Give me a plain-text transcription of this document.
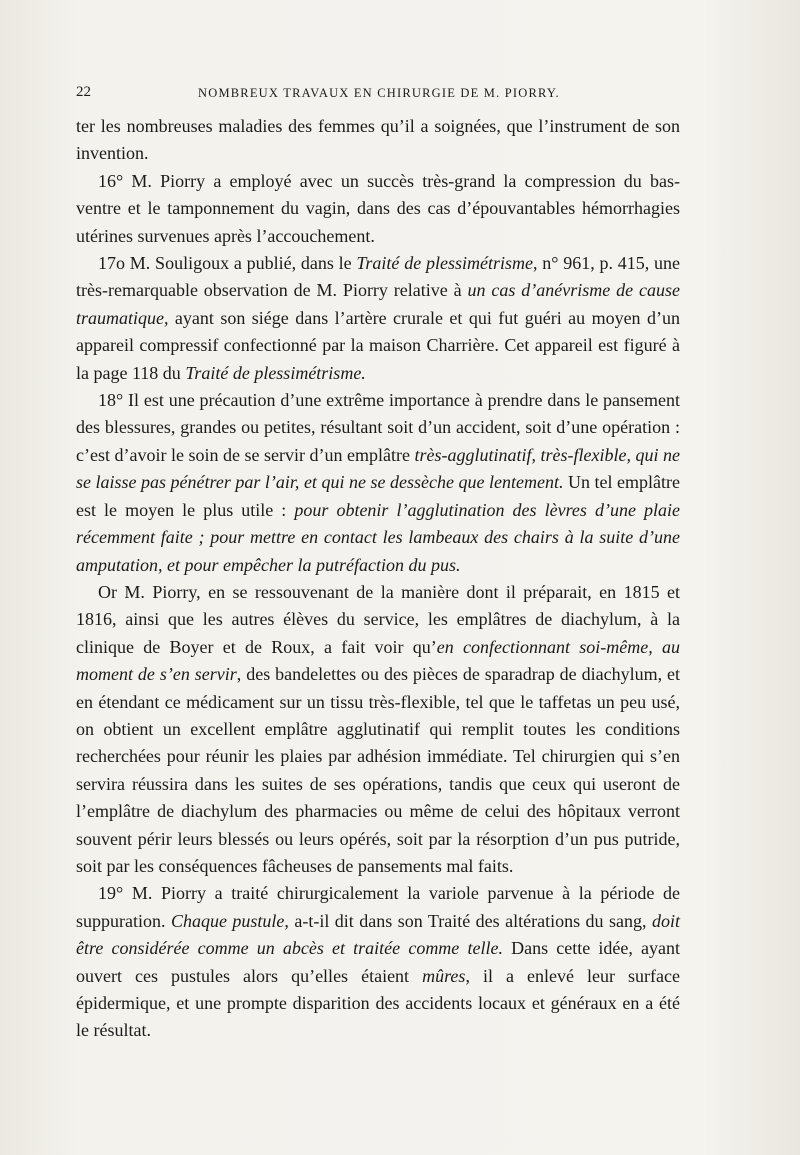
22	NOMBREUX TRAVAUX EN CHIRURGIE DE M. PIORRY.

ter les nombreuses maladies des femmes qu’il a soignées, que l’instrument de son invention.

16° M. Piorry a employé avec un succès très-grand la compression du bas-ventre et le tamponnement du vagin, dans des cas d’épouvantables hémorrhagies utérines survenues après l’accouchement.

17o M. Souligoux a publié, dans le Traité de plessimétrisme, n° 961, p. 415, une très-remarquable observation de M. Piorry relative à un cas d’anévrisme de cause traumatique, ayant son siége dans l’artère crurale et qui fut guéri au moyen d’un appareil compressif confectionné par la maison Charrière. Cet appareil est figuré à la page 118 du Traité de plessimétrisme.

18° Il est une précaution d’une extrême importance à prendre dans le pansement des blessures, grandes ou petites, résultant soit d’un accident, soit d’une opération : c’est d’avoir le soin de se servir d’un emplâtre très-agglutinatif, très-flexible, qui ne se laisse pas pénétrer par l’air, et qui ne se dessèche que lentement. Un tel emplâtre est le moyen le plus utile : pour obtenir l’agglutination des lèvres d’une plaie récemment faite ; pour mettre en contact les lambeaux des chairs à la suite d’une amputation, et pour empêcher la putréfaction du pus.

Or M. Piorry, en se ressouvenant de la manière dont il préparait, en 1815 et 1816, ainsi que les autres élèves du service, les emplâtres de diachylum, à la clinique de Boyer et de Roux, a fait voir qu’en confectionnant soi-même, au moment de s’en servir, des bandelettes ou des pièces de sparadrap de diachylum, et en étendant ce médicament sur un tissu très-flexible, tel que le taffetas un peu usé, on obtient un excellent emplâtre agglutinatif qui remplit toutes les conditions recherchées pour réunir les plaies par adhésion immédiate. Tel chirurgien qui s’en servira réussira dans les suites de ses opérations, tandis que ceux qui useront de l’emplâtre de diachylum des pharmacies ou même de celui des hôpitaux verront souvent périr leurs blessés ou leurs opérés, soit par la résorption d’un pus putride, soit par les conséquences fâcheuses de pansements mal faits.

19° M. Piorry a traité chirurgicalement la variole parvenue à la période de suppuration. Chaque pustule, a-t-il dit dans son Traité des altérations du sang, doit être considérée comme un abcès et traitée comme telle. Dans cette idée, ayant ouvert ces pustules alors qu’elles étaient mûres, il a enlevé leur surface épidermique, et une prompte disparition des accidents locaux et généraux en a été le résultat.
